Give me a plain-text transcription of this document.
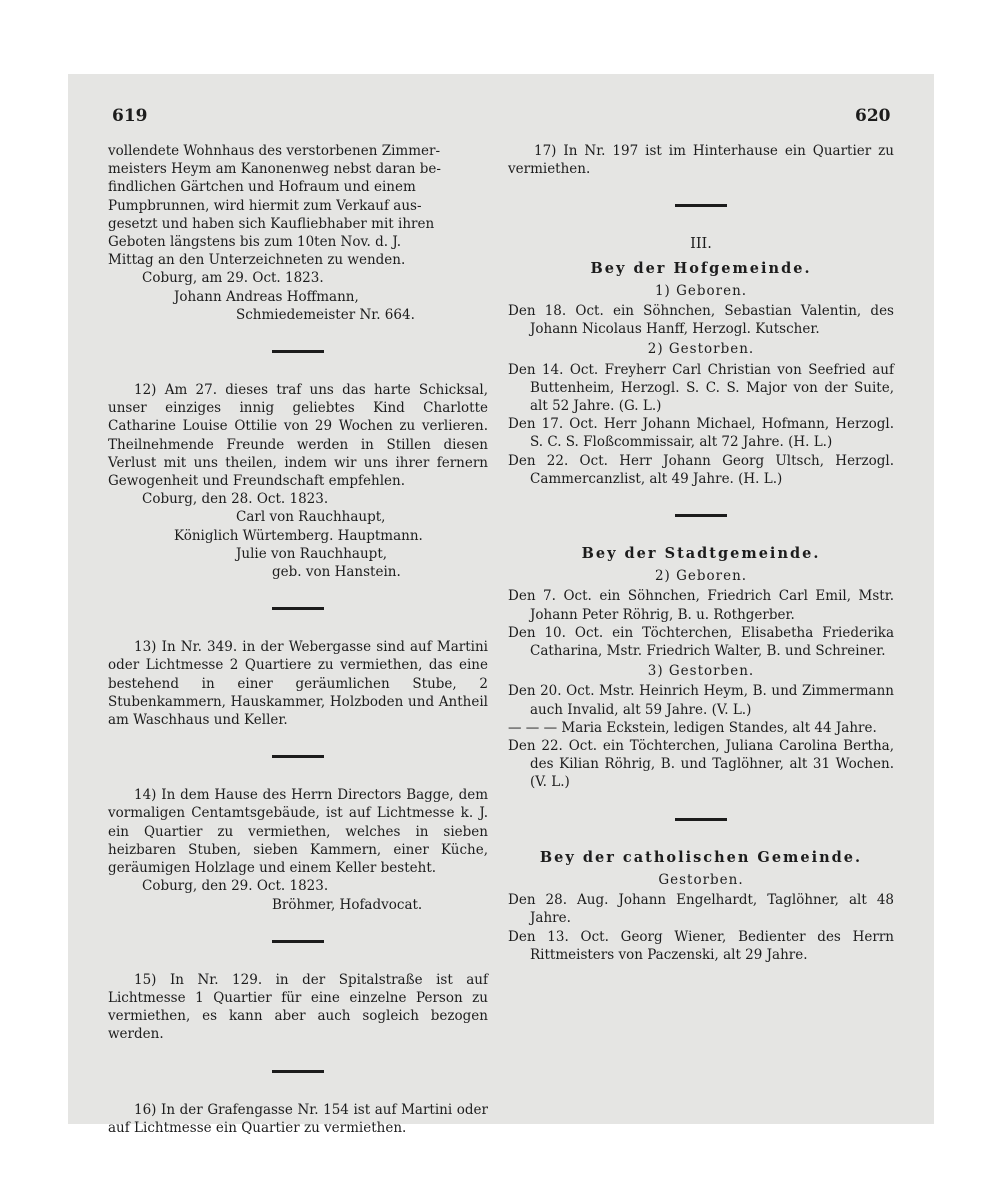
619	620
vollendete Wohnhaus des verstorbenen Zimmer-
meisters Heym am Kanonenweg nebst daran be-
findlichen Gärtchen und Hofraum und einem
Pumpbrunnen, wird hiermit zum Verkauf aus-
gesetzt und haben sich Kaufliebhaber mit ihren
Geboten längstens bis zum 10ten Nov. d. J.
Mittag an den Unterzeichneten zu wenden.
Coburg, am 29. Oct. 1823.
Johann Andreas Hoffmann,
Schmiedemeister Nr. 664.

12) Am 27. dieses traf uns das harte Schicksal, unser einziges innig geliebtes Kind Charlotte Catharine Louise Ottilie von 29 Wochen zu verlieren. Theilnehmende Freunde werden in Stillen diesen Verlust mit uns theilen, indem wir uns ihrer fernern Gewogenheit und Freundschaft empfehlen.

Coburg, den 28. Oct. 1823.
Carl von Rauchhaupt,
Königlich Würtemberg. Hauptmann.
Julie von Rauchhaupt,
geb. von Hanstein.

13) In Nr. 349. in der Webergasse sind auf Martini oder Lichtmesse 2 Quartiere zu vermiethen, das eine bestehend in einer geräumlichen Stube, 2 Stubenkammern, Hauskammer, Holzboden und Antheil am Waschhaus und Keller.

14) In dem Hause des Herrn Directors Bagge, dem vormaligen Centamtsgebäude, ist auf Lichtmesse k. J. ein Quartier zu vermiethen, welches in sieben heizbaren Stuben, sieben Kammern, einer Küche, geräumigen Holzlage und einem Keller besteht.

Coburg, den 29. Oct. 1823.
Bröhmer, Hofadvocat.

15) In Nr. 129. in der Spitalstraße ist auf Lichtmesse 1 Quartier für eine einzelne Person zu vermiethen, es kann aber auch sogleich bezogen werden.

16) In der Grafengasse Nr. 154 ist auf Martini oder auf Lichtmesse ein Quartier zu vermiethen.

17) In Nr. 197 ist im Hinterhause ein Quartier zu vermiethen.

III.
Bey der Hofgemeinde.
1) Geboren.

Den 18. Oct. ein Söhnchen, Sebastian Valentin, des Johann Nicolaus Hanff, Herzogl. Kutscher.

2) Gestorben.

Den 14. Oct. Freyherr Carl Christian von Seefried auf Buttenheim, Herzogl. S. C. S. Major von der Suite, alt 52 Jahre. (G. L.)

Den 17. Oct. Herr Johann Michael, Hofmann, Herzogl. S. C. S. Floßcommissair, alt 72 Jahre. (H. L.)

Den 22. Oct. Herr Johann Georg Ultsch, Herzogl. Cammercanzlist, alt 49 Jahre. (H. L.)

Bey der Stadtgemeinde.
2) Geboren.

Den 7. Oct. ein Söhnchen, Friedrich Carl Emil, Mstr. Johann Peter Röhrig, B. u. Rothgerber.

Den 10. Oct. ein Töchterchen, Elisabetha Friederika Catharina, Mstr. Friedrich Walter, B. und Schreiner.

3) Gestorben.

Den 20. Oct. Mstr. Heinrich Heym, B. und Zimmermann auch Invalid, alt 59 Jahre. (V. L.)

— — — Maria Eckstein, ledigen Standes, alt 44 Jahre.

Den 22. Oct. ein Töchterchen, Juliana Carolina Bertha, des Kilian Röhrig, B. und Taglöhner, alt 31 Wochen. (V. L.)

Bey der catholischen Gemeinde.
Gestorben.

Den 28. Aug. Johann Engelhardt, Taglöhner, alt 48 Jahre.

Den 13. Oct. Georg Wiener, Bedienter des Herrn Rittmeisters von Paczenski, alt 29 Jahre.
